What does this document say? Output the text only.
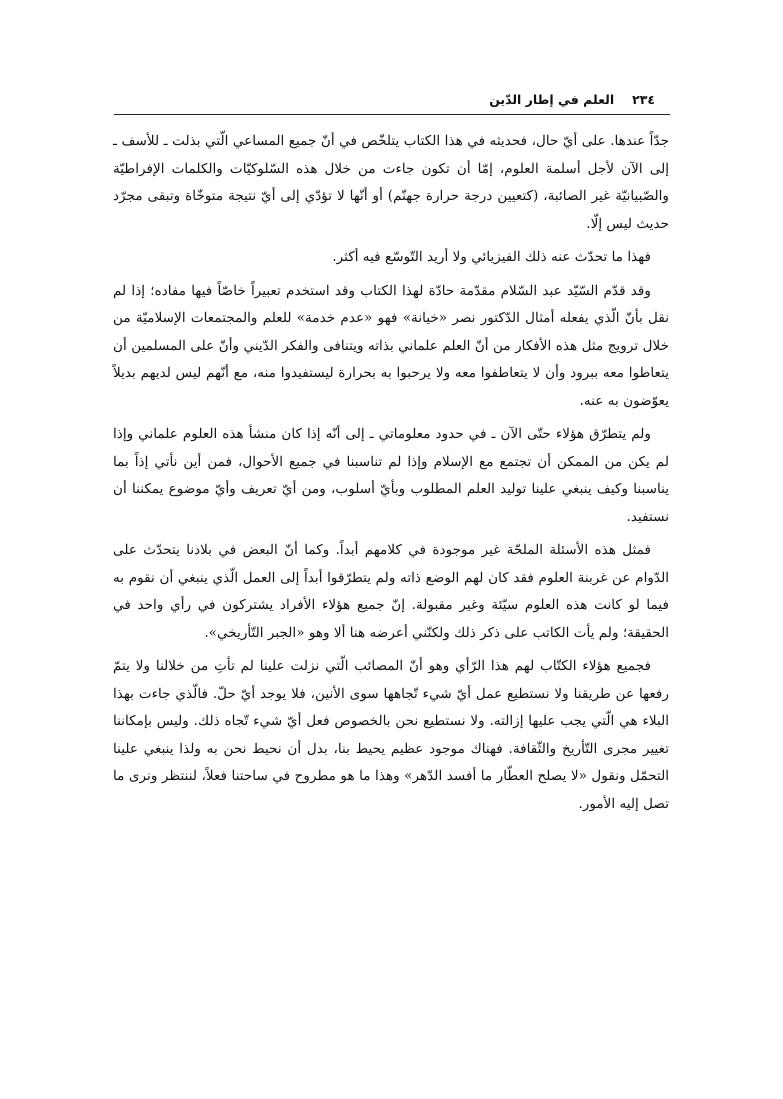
٢٣٤
العلم في إطار الدّين

جدّاً عندها. على أيّ حال، فحديثه في هذا الكتاب يتلخّص في أنّ جميع المساعي الّتي بذلت ـ للأسف ـ إلى الآن لأجل أسلمة العلوم، إمّا أن تكون جاءت من خلال هذه السّلوكيّات والكلمات الإفراطيّة والصّبيانيّة غير الصائبة، (كتعيين درجة حرارة جهنّم) أو أنّها لا تؤدّي إلى أيّ نتيجة متوخّاة وتبقى مجرّد حديث ليس إلّا.

فهذا ما تحدّث عنه ذلك الفيزيائي ولا أريد التّوسّع فيه أكثر.

وقد قدّم السّيّد عبد السّلام مقدّمة حادّة لهذا الكتاب وقد استخدم تعبيراً خاصّاً فيها مفاده؛ إذا لم نقل بأنّ الّذي يفعله أمثال الدّكتور نصر «خيانة» فهو «عدم خدمة» للعلم والمجتمعات الإسلاميّة من خلال ترويج مثل هذه الأفكار من أنّ العلم علماني بذاته ويتنافى والفكر الدّيني وأنّ على المسلمين أن يتعاطوا معه ببرود وأن لا يتعاطفوا معه ولا يرحبوا به بحرارة ليستفيدوا منه، مع أنّهم ليس لديهم بديلاً يعوّضون به عنه.

ولم يتطرّق هؤلاء حتّى الآن ـ في حدود معلوماتي ـ إلى أنّه إذا كان منشأ هذه العلوم علماني وإذا لم يكن من الممكن أن تجتمع مع الإسلام وإذا لم تناسبنا في جميع الأحوال، فمن أين نأتي إذاً بما يناسبنا وكيف ينبغي علينا توليد العلم المطلوب وبأيّ أسلوب، ومن أيّ تعريف وأيّ موضوع يمكننا أن نستفيد.

فمثل هذه الأسئلة الملحّة غير موجودة في كلامهم أبداً. وكما أنّ البعض في بلادنا يتحدّث على الدّوام عن غربنة العلوم فقد كان لهم الوضع ذاته ولم يتطرّقوا أبداً إلى العمل الّذي ينبغي أن نقوم به فيما لو كانت هذه العلوم سيّئة وغير مقبولة. إنّ جميع هؤلاء الأفراد يشتركون في رأي واحد في الحقيقة؛ ولم يأت الكاتب على ذكر ذلك ولكنّني أعرضه هنا ألا وهو «الجبر التّأريخي».

فجميع هؤلاء الكتّاب لهم هذا الرّأي وهو أنّ المصائب الّتي نزلت علينا لم تأتِ من خلالنا ولا يتمّ رفعها عن طريقنا ولا نستطيع عمل أيّ شيء تّجاهها سوى الأنين، فلا يوجد أيّ حلّ. فالّذي جاءت بهذا البلاء هي الّتي يجب عليها إزالته. ولا نستطيع نحن بالخصوص فعل أيّ شيء تّجاه ذلك. وليس بإمكاننا تغيير مجرى التّأريخ والثّقافة. فهناك موجود عظيم يحيط بنا، بدل أن نحيط نحن به ولذا ينبغي علينا التحمّل ونقول «لا يصلح العطّار ما أفسد الدّهر» وهذا ما هو مطروح في ساحتنا فعلاً، لننتظر ونرى ما تصل إليه الأمور.
